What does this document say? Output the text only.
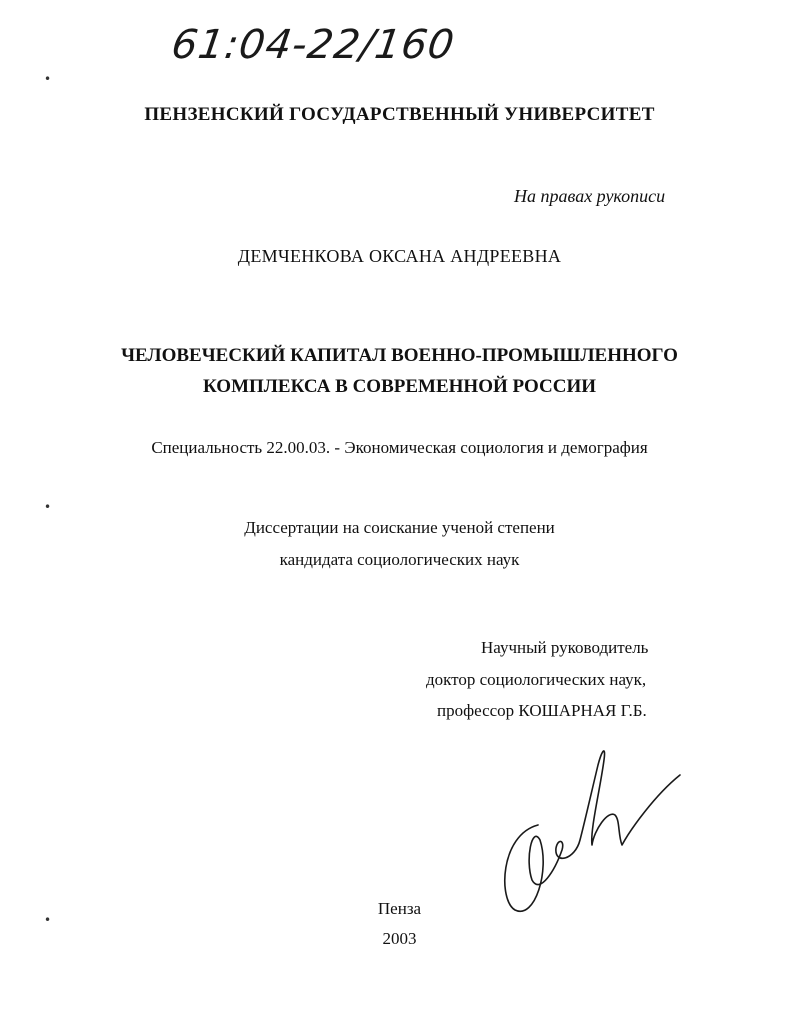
61:04-22/160
•
•
•
ПЕНЗЕНСКИЙ ГОСУДАРСТВЕННЫЙ УНИВЕРСИТЕТ
На правах рукописи
ДЕМЧЕНКОВА ОКСАНА АНДРЕЕВНА
ЧЕЛОВЕЧЕСКИЙ КАПИТАЛ ВОЕННО-ПРОМЫШЛЕННОГО
КОМПЛЕКСА В СОВРЕМЕННОЙ РОССИИ
Специальность 22.00.03. - Экономическая социология и демография
Диссертации на соискание ученой степени
кандидата социологических наук
Научный руководитель
доктор социологических наук,
профессор КОШАРНАЯ Г.Б.
Пенза
2003
